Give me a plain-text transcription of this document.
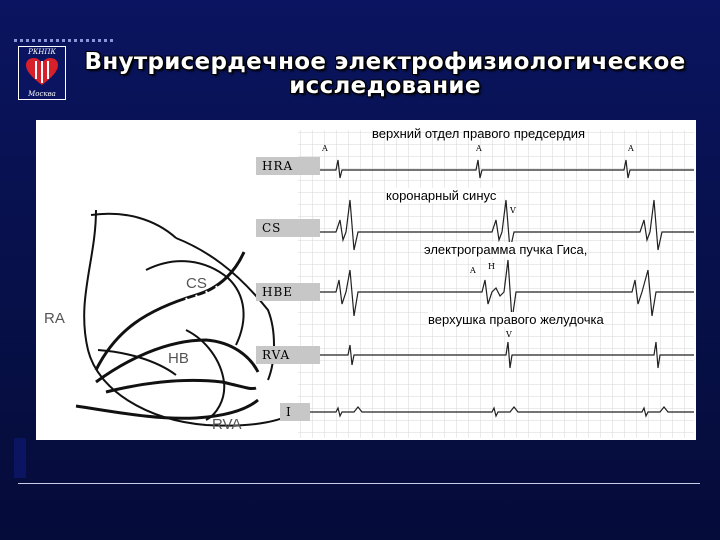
РКНПК
Москва
Внутрисердечное электрофизиологическое
исследование
HRA
CS
HBE
RVA
I
RA
CS
HB
RVA
верхний отдел правого предсердия
коронарный синус
электрограмма пучка Гиса,
верхушка правого желудочка
A	A	A
V
A H
V
